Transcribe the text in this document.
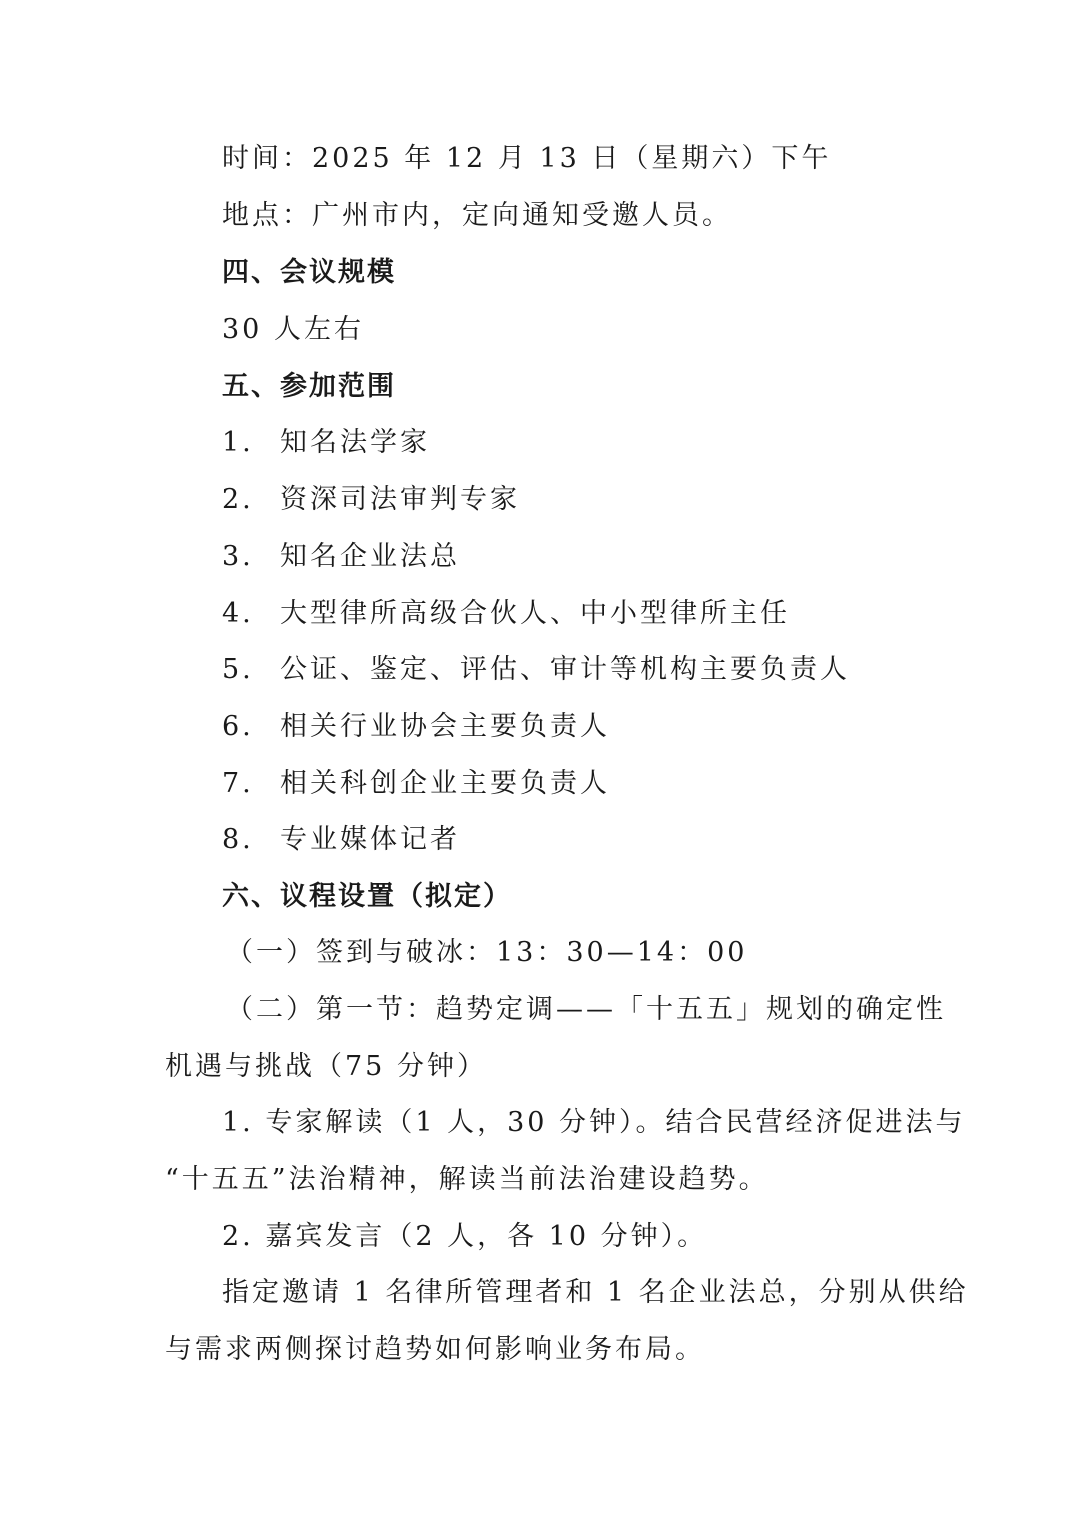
时间：2025 年 12 月 13 日（星期六）下午
地点：广州市内，定向通知受邀人员。
四、会议规模
30 人左右
五、参加范围
1. 知名法学家
2. 资深司法审判专家
3. 知名企业法总
4. 大型律所高级合伙人、中小型律所主任
5. 公证、鉴定、评估、审计等机构主要负责人
6. 相关行业协会主要负责人
7. 相关科创企业主要负责人
8. 专业媒体记者
六、议程设置（拟定）
（一）签到与破冰：13：30—14：00
（二）第一节：趋势定调——「十五五」规划的确定性
机遇与挑战（75 分钟）
1. 专家解读（1 人，30 分钟）。结合民营经济促进法与
“十五五”法治精神，解读当前法治建设趋势。
2. 嘉宾发言（2 人，各 10 分钟）。
指定邀请 1 名律所管理者和 1 名企业法总，分别从供给
与需求两侧探讨趋势如何影响业务布局。
